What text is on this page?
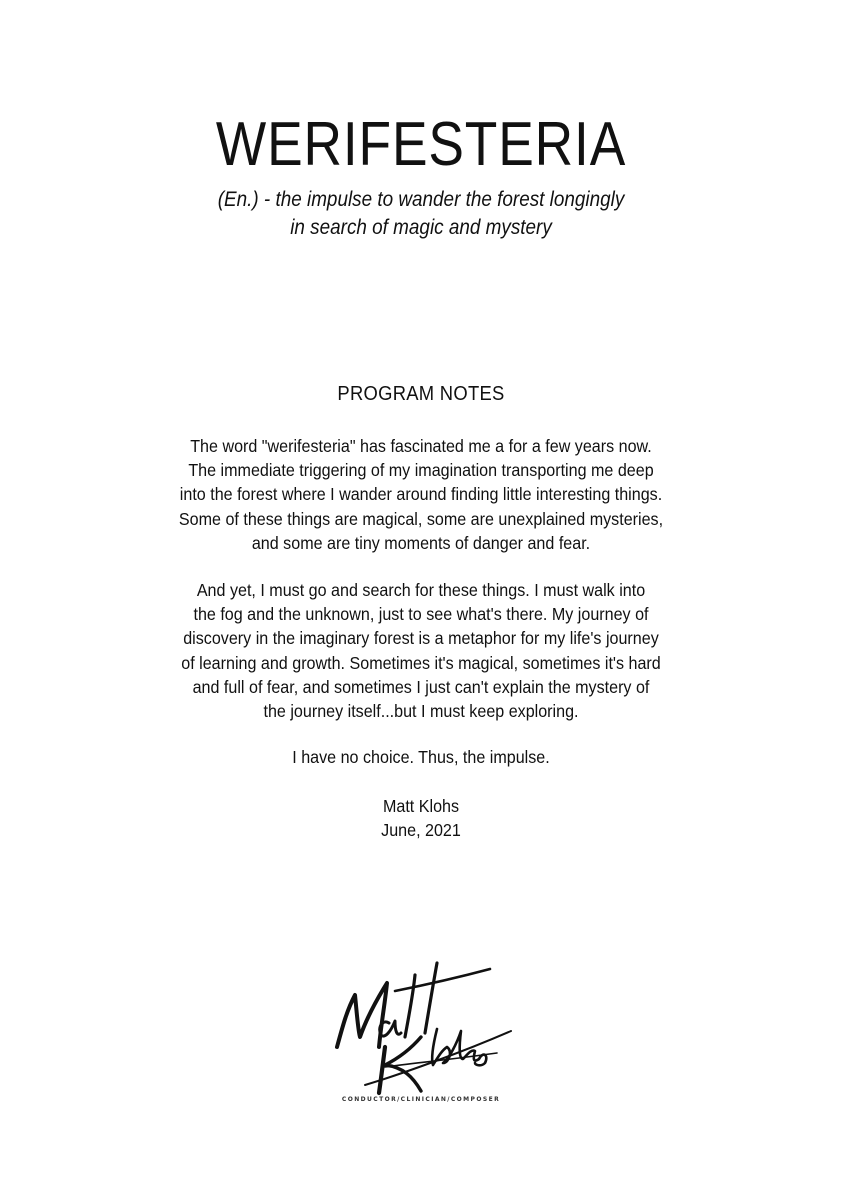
WERIFESTERIA
(En.) - the impulse to wander the forest longingly
in search of magic and mystery
PROGRAM NOTES
The word "werifesteria" has fascinated me a for a few years now.
The immediate triggering of my imagination transporting me deep
into the forest where I wander around finding little interesting things.
Some of these things are magical, some are unexplained mysteries,
and some are tiny moments of danger and fear.
And yet, I must go and search for these things. I must walk into
the fog and the unknown, just to see what's there. My journey of
discovery in the imaginary forest is a metaphor for my life's journey
of learning and growth. Sometimes it's magical, sometimes it's hard
and full of fear, and sometimes I just can't explain the mystery of
the journey itself...but I must keep exploring.
I have no choice. Thus, the impulse.
Matt Klohs
June, 2021
CONDUCTOR/CLINICIAN/COMPOSER
